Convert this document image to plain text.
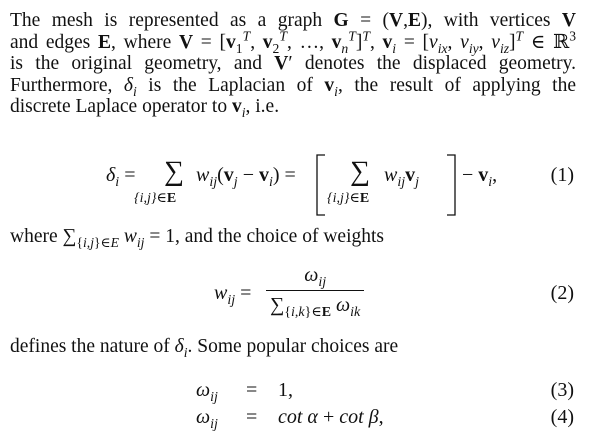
The mesh is represented as a graph G = (V,E), with vertices V
and edges E, where $V = [v_1^T$, $v_2^T$, …, $v_n^T]^T$, $v_i = [v_{ix}$, $v_{iy}$, $v_{iz}]^T$ ∈ ℝ$^3$
is the original geometry, and V′ denotes the displaced geometry.
Furthermore, $\delta_i$ is the Laplacian of $v_i$, the result of applying the
discrete Laplace operator to $v_i$, i.e.
$\delta_i$ = ∑
{i,j}∈E
$w_{ij}(v_j - v_i)$ = ∑
{i,j}∈E
$w_{ij}v_j - v_i$,	(1)
where $\sum_{\{i,j\}\in E}$ $w_{ij} = 1$, and the choice of weights
$w_{ij}$ =
$\omega_{ij}$
$\sum_{\{i,k\}\in E}$ $\omega_{ik}$
(2)
defines the nature of $\delta_i$. Some popular choices are
$\omega_{ij} = 1$,	(3)
$\omega_{ij} = \cot \alpha + \cot \beta$,	(4)
